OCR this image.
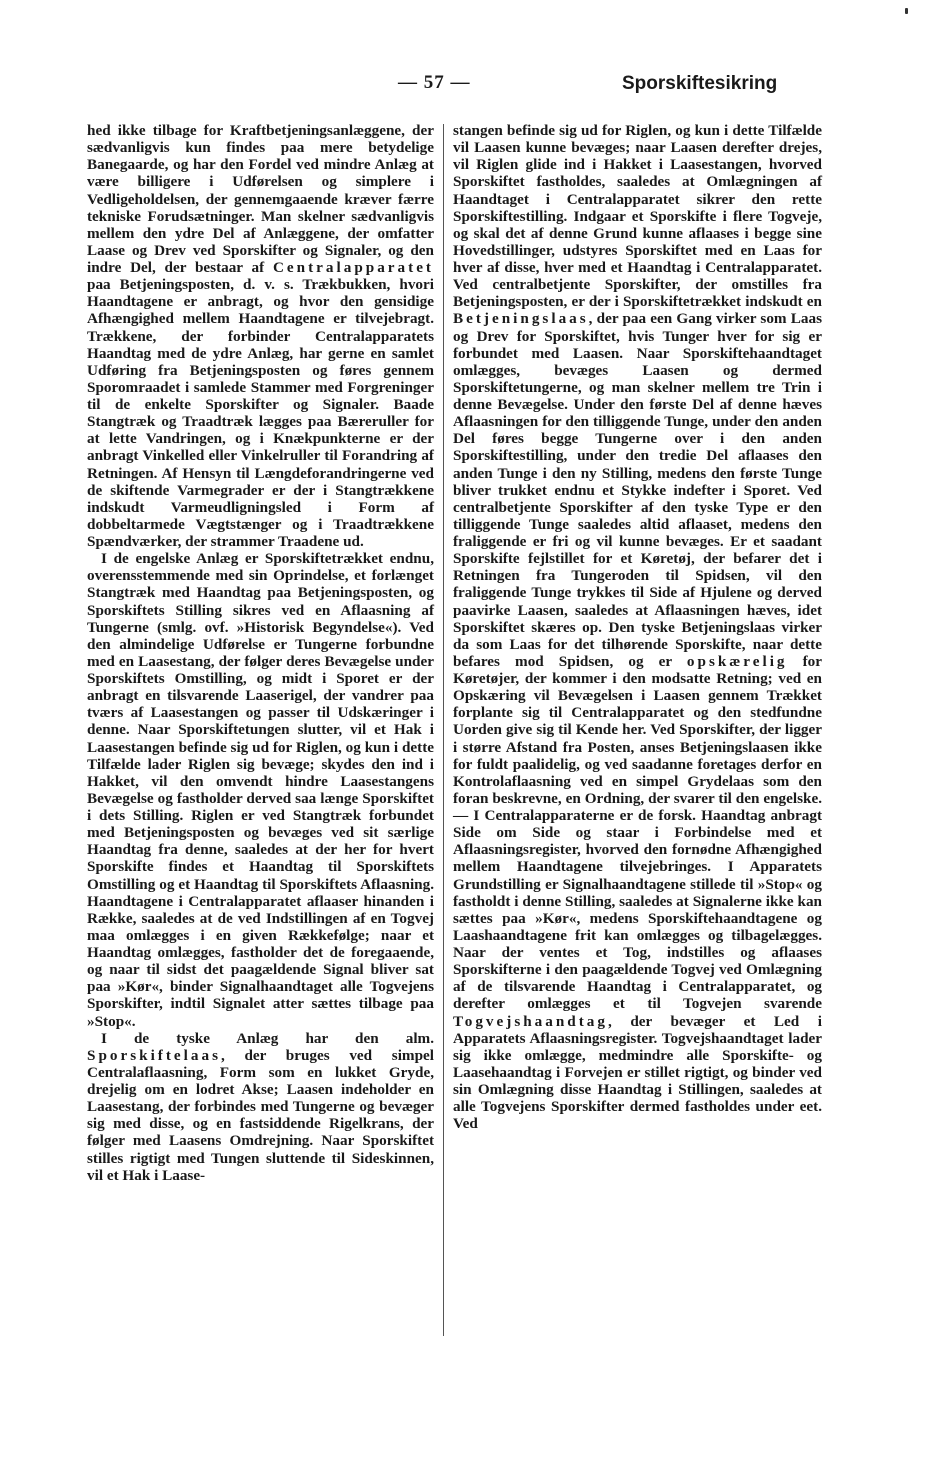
— 57 —	Sporskiftesikring

hed ikke tilbage for Kraftbetjeningsanlæggene, der sædvanligvis kun findes paa mere betydelige Banegaarde, og har den Fordel ved mindre Anlæg at være billigere i Udførelsen og simplere i Vedligeholdelsen, der gennemgaaende kræver færre tekniske Forudsætninger. Man skelner sædvanligvis mellem den ydre Del af Anlæggene, der omfatter Laase og Drev ved Sporskifter og Signaler, og den indre Del, der bestaar af Centralapparatet paa Betjeningsposten, d. v. s. Trækbukken, hvori Haandtagene er anbragt, og hvor den gensidige Afhængighed mellem Haandtagene er tilvejebragt. Trækkene, der forbinder Centralapparatets Haandtag med de ydre Anlæg, har gerne en samlet Udføring fra Betjeningsposten og føres gennem Sporomraadet i samlede Stammer med Forgreninger til de enkelte Sporskifter og Signaler. Baade Stangtræk og Traadtræk lægges paa Bæreruller for at lette Vandringen, og i Knækpunkterne er der anbragt Vinkelled eller Vinkelruller til Forandring af Retningen. Af Hensyn til Længdeforandringerne ved de skiftende Varmegrader er der i Stangtrækkene indskudt Varmeudligningsled i Form af dobbeltarmede Vægtstænger og i Traadtrækkene Spændværker, der strammer Traadene ud.

I de engelske Anlæg er Sporskiftetrækket endnu, overensstemmende med sin Oprindelse, et forlænget Stangtræk med Haandtag paa Betjeningsposten, og Sporskiftets Stilling sikres ved en Aflaasning af Tungerne (smlg. ovf. »Historisk Begyndelse«). Ved den almindelige Udførelse er Tungerne forbundne med en Laasestang, der følger deres Bevægelse under Sporskiftets Omstilling, og midt i Sporet er der anbragt en tilsvarende Laaserigel, der vandrer paa tværs af Laasestangen og passer til Udskæringer i denne. Naar Sporskiftetungen slutter, vil et Hak i Laasestangen befinde sig ud for Riglen, og kun i dette Tilfælde lader Riglen sig bevæge; skydes den ind i Hakket, vil den omvendt hindre Laasestangens Bevægelse og fastholder derved saa længe Sporskiftet i dets Stilling. Riglen er ved Stangtræk forbundet med Betjeningsposten og bevæges ved sit særlige Haandtag fra denne, saaledes at der her for hvert Sporskifte findes et Haandtag til Sporskiftets Omstilling og et Haandtag til Sporskiftets Aflaasning. Haandtagene i Centralapparatet aflaaser hinanden i Række, saaledes at de ved Indstillingen af en Togvej maa omlægges i en given Rækkefølge; naar et Haandtag omlægges, fastholder det de foregaaende, og naar til sidst det paagældende Signal bliver sat paa »Kør«, binder Signalhaandtaget alle Togvejens Sporskifter, indtil Signalet atter sættes tilbage paa »Stop«.

I de tyske Anlæg har den alm. Sporskiftelaas, der bruges ved simpel Centralaflaasning, Form som en lukket Gryde, drejelig om en lodret Akse; Laasen indeholder en Laasestang, der forbindes med Tungerne og bevæger sig med disse, og en fastsiddende Rigelkrans, der følger med Laasens Omdrejning. Naar Sporskiftet stilles rigtigt med Tungen sluttende til Sideskinnen, vil et Hak i Laase-

stangen befinde sig ud for Riglen, og kun i dette Tilfælde vil Laasen kunne bevæges; naar Laasen derefter drejes, vil Riglen glide ind i Hakket i Laasestangen, hvorved Sporskiftet fastholdes, saaledes at Omlægningen af Haandtaget i Centralapparatet sikrer den rette Sporskiftestilling. Indgaar et Sporskifte i flere Togveje, og skal det af denne Grund kunne aflaases i begge sine Hovedstillinger, udstyres Sporskiftet med en Laas for hver af disse, hver med et Haandtag i Centralapparatet. Ved centralbetjente Sporskifter, der omstilles fra Betjeningsposten, er der i Sporskiftetrækket indskudt en Betjeningslaas, der paa een Gang virker som Laas og Drev for Sporskiftet, hvis Tunger hver for sig er forbundet med Laasen. Naar Sporskiftehaandtaget omlægges, bevæges Laasen og dermed Sporskiftetungerne, og man skelner mellem tre Trin i denne Bevægelse. Under den første Del af denne hæves Aflaasningen for den tilliggende Tunge, under den anden Del føres begge Tungerne over i den anden Sporskiftestilling, under den tredie Del aflaases den anden Tunge i den ny Stilling, medens den første Tunge bliver trukket endnu et Stykke indefter i Sporet. Ved centralbetjente Sporskifter af den tyske Type er den tilliggende Tunge saaledes altid aflaaset, medens den fraliggende er fri og vil kunne bevæges. Er et saadant Sporskifte fejlstillet for et Køretøj, der befarer det i Retningen fra Tungeroden til Spidsen, vil den fraliggende Tunge trykkes til Side af Hjulene og derved paavirke Laasen, saaledes at Aflaasningen hæves, idet Sporskiftet skæres op. Den tyske Betjeningslaas virker da som Laas for det tilhørende Sporskifte, naar dette befares mod Spidsen, og er opskærelig for Køretøjer, der kommer i den modsatte Retning; ved en Opskæring vil Bevægelsen i Laasen gennem Trækket forplante sig til Centralapparatet og den stedfundne Uorden give sig til Kende her. Ved Sporskifter, der ligger i større Afstand fra Posten, anses Betjeningslaasen ikke for fuldt paalidelig, og ved saadanne foretages derfor en Kontrolaflaasning ved en simpel Grydelaas som den foran beskrevne, en Ordning, der svarer til den engelske. — I Centralapparaterne er de forsk. Haandtag anbragt Side om Side og staar i Forbindelse med et Aflaasningsregister, hvorved den fornødne Afhængighed mellem Haandtagene tilvejebringes. I Apparatets Grundstilling er Signalhaandtagene stillede til »Stop« og fastholdt i denne Stilling, saaledes at Signalerne ikke kan sættes paa »Kør«, medens Sporskiftehaandtagene og Laashaandtagene frit kan omlægges og tilbagelægges. Naar der ventes et Tog, indstilles og aflaases Sporskifterne i den paagældende Togvej ved Omlægning af de tilsvarende Haandtag i Centralapparatet, og derefter omlægges et til Togvejen svarende Togvejshaandtag, der bevæger et Led i Apparatets Aflaasningsregister. Togvejshaandtaget lader sig ikke omlægge, medmindre alle Sporskifte- og Laasehaandtag i Forvejen er stillet rigtigt, og binder ved sin Omlægning disse Haandtag i Stillingen, saaledes at alle Togvejens Sporskifter dermed fastholdes under eet. Ved
